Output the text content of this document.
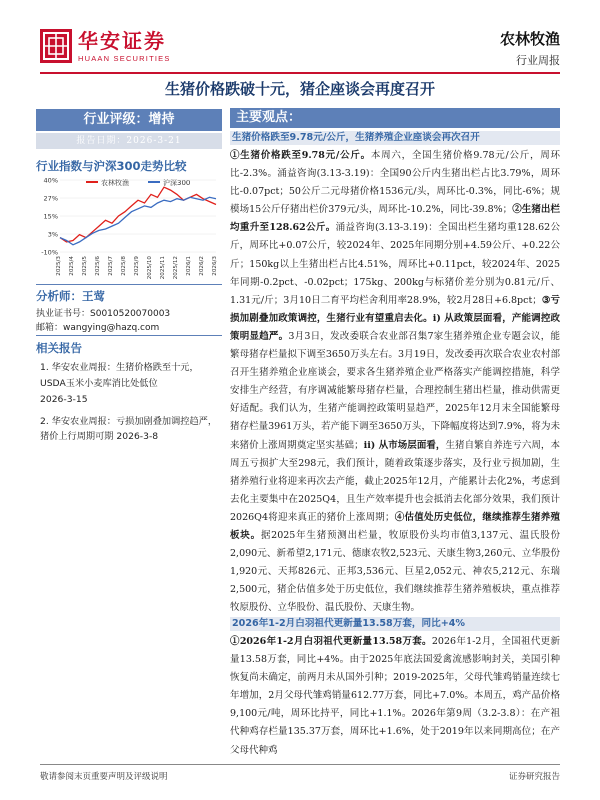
华安证券
HUAAN SECURITIES
农林牧渔
行业周报
生猪价格跌破十元，猪企座谈会再度召开
行业评级：增持
报告日期：2026-3-21
行业指数与沪深300走势比较
农林牧渔	沪深300
-10%
3%
15%
27%
40%
2025/3 2025/4 2025/5 2025/6 2025/7 2025/8 2025/9 2025/10 2025/11 2025/12 2026/1 2026/2 2026/3
分析师：王莺
执业证书号：S0010520070003
邮箱：wangying@hazq.com
相关报告
1. 华安农业周报：生猪价格跌至十元，USDA玉米小麦库消比处低位
2026-3-15
2. 华安农业周报：亏损加剧叠加调控趋严，猪价上行周期可期 2026-3-8
主要观点：
生猪价格跌至9.78元/公斤，生猪养殖企业座谈会再次召开
①生猪价格跌至9.78元/公斤。本周六，全国生猪价格9.78元/公斤，周环比-2.3%。涌益咨询(3.13-3.19)：全国90公斤内生猪出栏占比3.79%，周环比-0.07pct；50公斤二元母猪价格1536元/头，周环比-0.3%，同比-6%；规模场15公斤仔猪出栏价379元/头，周环比-10.2%，同比-39.8%；②生猪出栏均重升至128.62公斤。涌益咨询(3.13-3.19)：全国出栏生猪均重128.62公斤，周环比+0.07公斤，较2024年、2025年同期分别+4.59公斤、+0.22公斤；150kg以上生猪出栏占比4.51%，周环比+0.11pct，较2024年、2025年同期-0.2pct、-0.02pct；175kg、200kg与标猪价差分别为0.81元/斤、1.31元/斤；3月10日二育平均栏舍利用率28.9%，较2月28日+6.8pct；③亏损加剧叠加政策调控，生猪行业有望重启去化。i) 从政策层面看，产能调控政策明显趋严。3月3日，发改委联合农业部召集7家生猪养殖企业专题会议，能繁母猪存栏量拟下调至3650万头左右。3月19日，发改委再次联合农业农村部召开生猪养殖企业座谈会，要求各生猪养殖企业严格落实产能调控措施，科学安排生产经营，有序调减能繁母猪存栏量，合理控制生猪出栏量，推动供需更好适配。我们认为，生猪产能调控政策明显趋严，2025年12月末全国能繁母猪存栏量3961万头，若产能下调至3650万头，下降幅度将达到7.9%，将为未来猪价上涨周期奠定坚实基础；ii) 从市场层面看，生猪自繁自养连亏六周，本周五亏损扩大至298元，我们预计，随着政策逐步落实，及行业亏损加剧，生猪养殖行业将迎来再次去产能，截止2025年12月，产能累计去化2%，考虑到去化主要集中在2025Q4，且生产效率提升也会抵消去化部分效果，我们预计2026Q4将迎来真正的猪价上涨周期；④估值处历史低位，继续推荐生猪养殖板块。据2025年生猪预测出栏量，牧原股份头均市值3,137元、温氏股份2,090元、新希望2,171元、德康农牧2,523元、天康生物3,260元、立华股份1,920元、天邦826元、正邦3,536元、巨星2,052元、神农5,212元、东瑞2,500元，猪企估值多处于历史低位，我们继续推荐生猪养殖板块，重点推荐牧原股份、立华股份、温氏股份、天康生物。
2026年1-2月白羽祖代更新量13.58万套，同比+4%
①2026年1-2月白羽祖代更新量13.58万套。2026年1-2月，全国祖代更新量13.58万套，同比+4%。由于2025年底法国爱禽流感影响封关，美国引种恢复尚未确定，前两月未从国外引种；2019-2025年，父母代雏鸡销量连续七年增加，2月父母代雏鸡销量612.77万套，同比+7.0%。本周五，鸡产品价格9,100元/吨，周环比持平，同比+1.1%。2026年第9周（3.2-3.8）：在产祖代种鸡存栏量135.37万套，周环比+1.6%，处于2019年以来同期高位；在产父母代种鸡
敬请参阅末页重要声明及评级说明	证券研究报告
